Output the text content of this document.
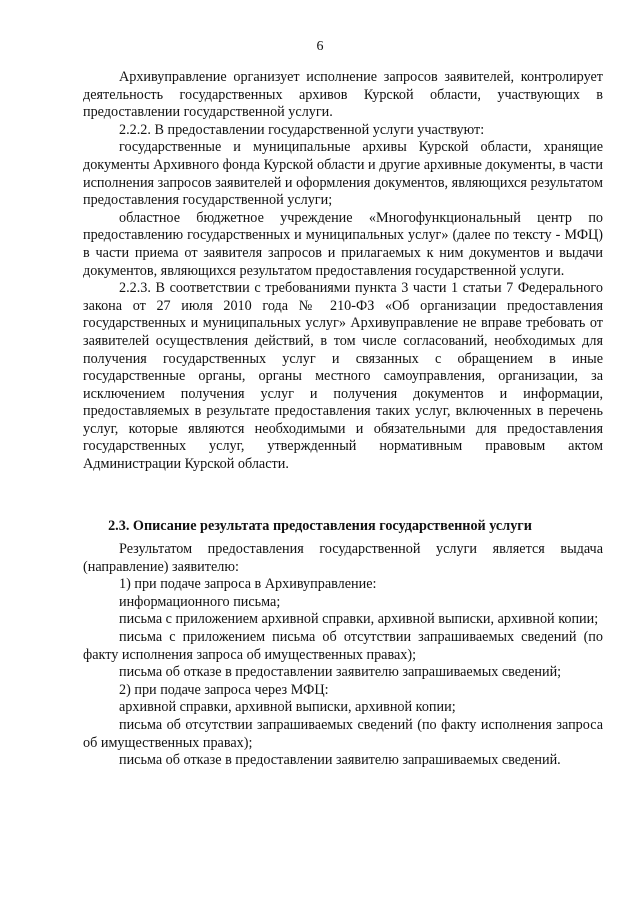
6

Архивуправление организует исполнение запросов заявителей, контролирует деятельность государственных архивов Курской области, участвующих в предоставлении государственной услуги.

2.2.2. В предоставлении государственной услуги участвуют:

государственные и муниципальные архивы Курской области, хранящие документы Архивного фонда Курской области и другие архивные документы, в части исполнения запросов заявителей и оформления документов, являющихся результатом предоставления государственной услуги;

областное бюджетное учреждение «Многофункциональный центр по предоставлению государственных и муниципальных услуг» (далее по тексту - МФЦ) в части приема от заявителя запросов и прилагаемых к ним документов и выдачи документов, являющихся результатом предоставления государственной услуги.

2.2.3. В соответствии с требованиями пункта 3 части 1 статьи 7 Федерального закона от 27 июля 2010 года № 210-ФЗ «Об организации предоставления государственных и муниципальных услуг» Архивуправление не вправе требовать от заявителей осуществления действий, в том числе согласований, необходимых для получения государственных услуг и связанных с обращением в иные государственные органы, органы местного самоуправления, организации, за исключением получения услуг и получения документов и информации, предоставляемых в результате предоставления таких услуг, включенных в перечень услуг, которые являются необходимыми и обязательными для предоставления государственных услуг, утвержденный нормативным правовым актом Администрации Курской области.

2.3. Описание результата предоставления государственной услуги

Результатом предоставления государственной услуги является выдача (направление) заявителю:

1) при подаче запроса в Архивуправление:

информационного письма;

письма с приложением архивной справки, архивной выписки, архивной копии;

письма с приложением письма об отсутствии запрашиваемых сведений (по факту исполнения запроса об имущественных правах);

письма об отказе в предоставлении заявителю запрашиваемых сведений;

2) при подаче запроса через МФЦ:

архивной справки, архивной выписки, архивной копии;

письма об отсутствии запрашиваемых сведений (по факту исполнения запроса об имущественных правах);

письма об отказе в предоставлении заявителю запрашиваемых сведений.
